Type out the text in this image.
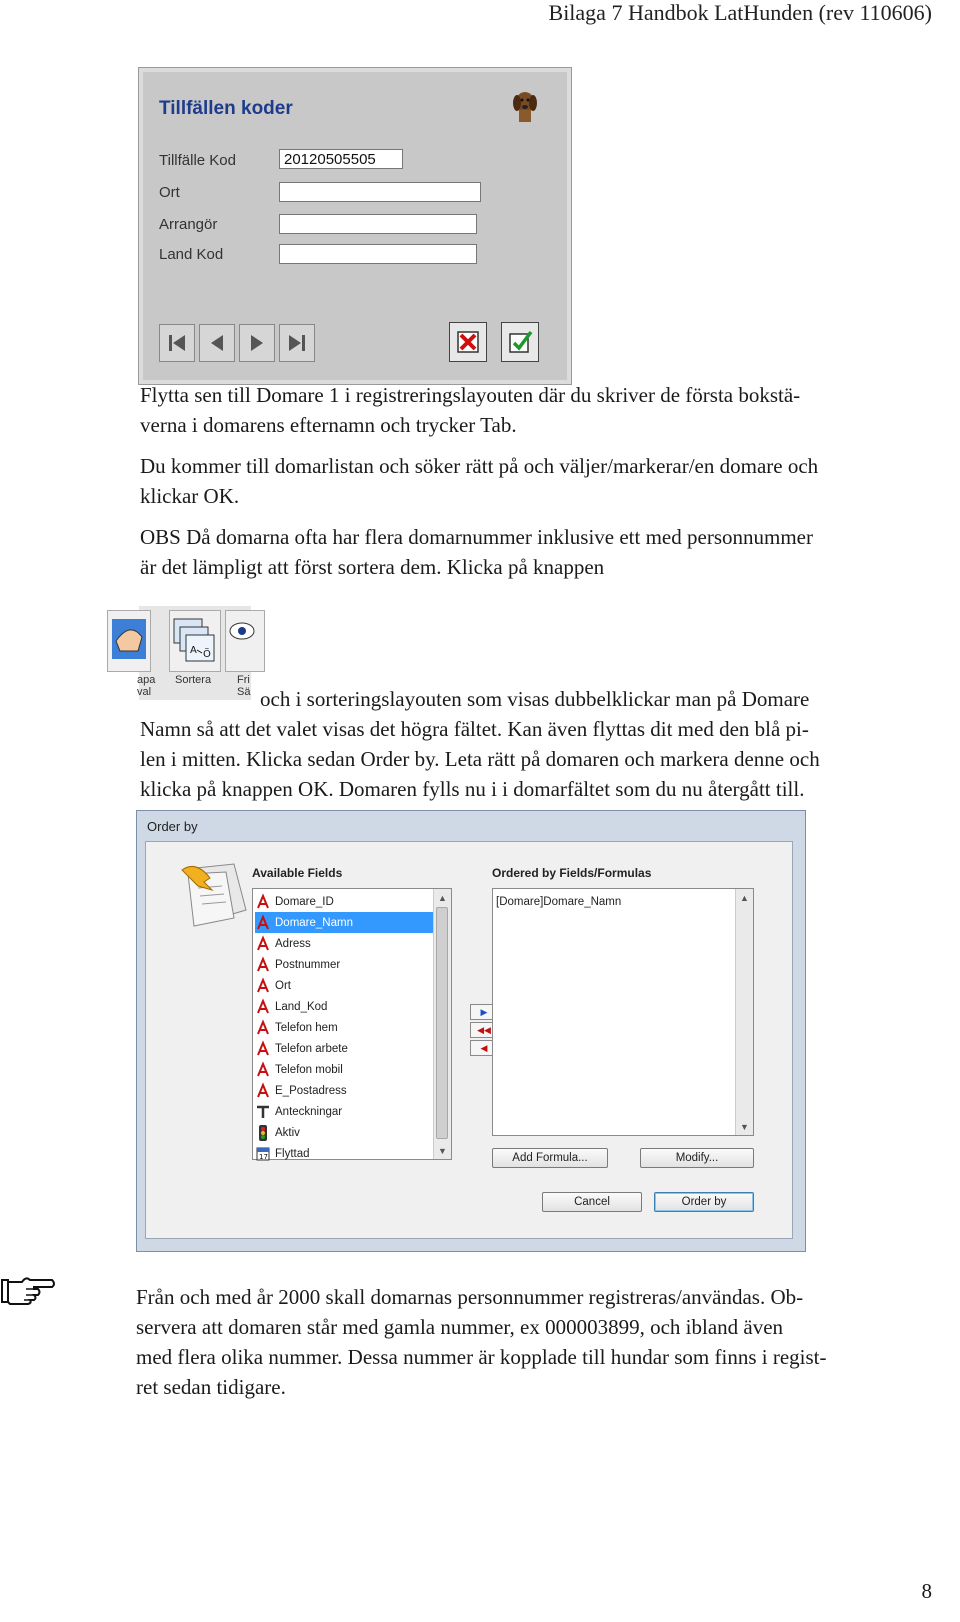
Bilaga 7 Handbok LatHunden (rev 110606)
Tillfällen koder
Tillfälle Kod	20120505505
Ort
Arrangör
Land Kod
Flytta sen till Domare 1 i registreringslayouten där du skriver de första bokstä-
verna i domarens efternamn och trycker Tab.
Du kommer till domarlistan och söker rätt på och väljer/markerar/en domare och
klickar OK.
OBS Då domarna ofta har flera domarnummer inklusive ett med personnummer
är det lämpligt att först sortera dem. Klicka på knappen
A Ö
apa
val
Sortera Fri
Sä och i sorteringslayouten som visas dubbelklickar man på Domare
Namn så att det valet visas det högra fältet. Kan även flyttas dit med den blå pi-
len i mitten. Klicka sedan Order by. Leta rätt på domaren och markera denne och
klicka på knappen OK. Domaren fylls nu i i domarfältet som du nu återgått till.
Order by
Available Fields	Ordered by Fields/Formulas
Domare_ID
Domare_Namn
Adress
Postnummer
Ort
Land_Kod
Telefon hem
Telefon arbete
Telefon mobil
E_Postadress
Anteckningar
Aktiv
17 Flyttad
▲
▼
▶
◀◀
◀
[Domare]Domare_Namn	▲
▼
Add Formula...	Modify...
Cancel	Order by
Från och med år 2000 skall domarnas personnummer registreras/användas. Ob-
servera att domaren står med gamla nummer, ex 000003899, och ibland även
med flera olika nummer. Dessa nummer är kopplade till hundar som finns i regist-
ret sedan tidigare.
8
